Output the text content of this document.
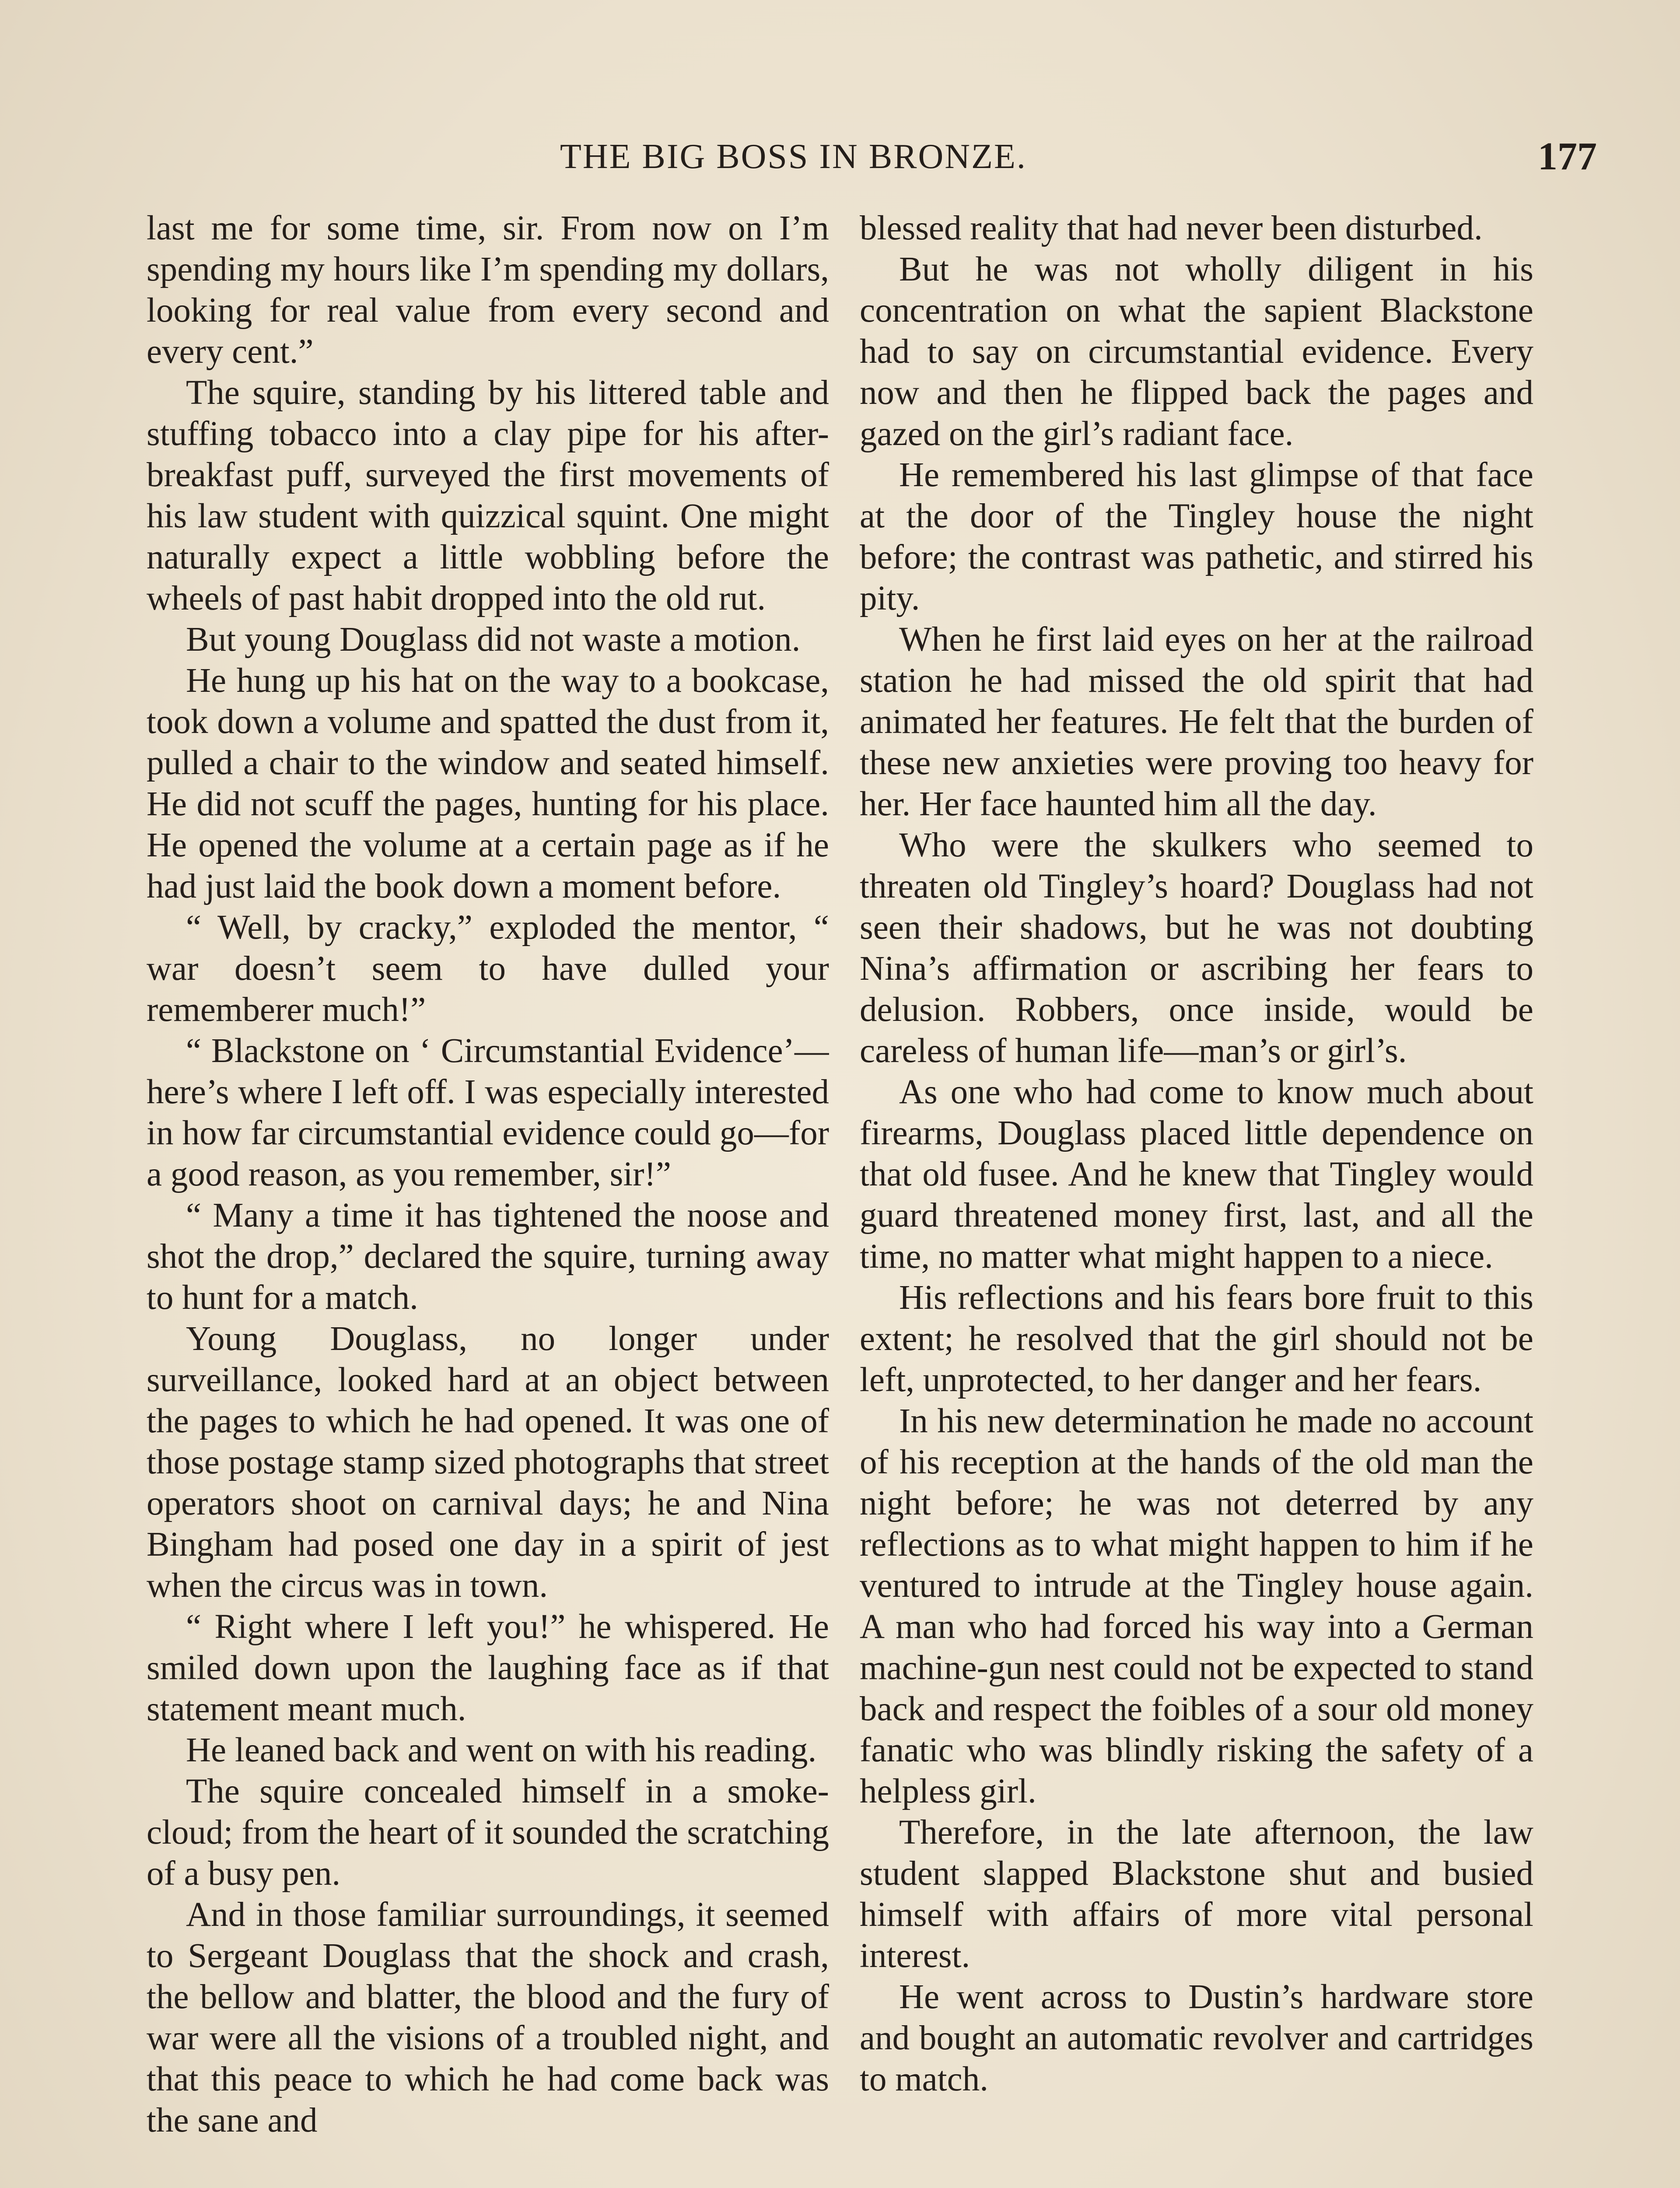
THE BIG BOSS IN BRONZE.	177

last me for some time, sir. From now on I’m spending my hours like I’m spending my dollars, looking for real value from every second and every cent.”

The squire, standing by his littered table and stuffing tobacco into a clay pipe for his after-breakfast puff, surveyed the first movements of his law student with quizzical squint. One might naturally expect a little wobbling before the wheels of past habit dropped into the old rut.

But young Douglass did not waste a motion.

He hung up his hat on the way to a bookcase, took down a volume and spatted the dust from it, pulled a chair to the window and seated himself. He did not scuff the pages, hunting for his place. He opened the volume at a certain page as if he had just laid the book down a moment before.

“ Well, by cracky,” exploded the mentor, “ war doesn’t seem to have dulled your rememberer much!”

“ Blackstone on ‘ Circumstantial Evidence’—here’s where I left off. I was especially interested in how far circumstantial evidence could go—for a good reason, as you remember, sir!”

“ Many a time it has tightened the noose and shot the drop,” declared the squire, turning away to hunt for a match.

Young Douglass, no longer under surveillance, looked hard at an object between the pages to which he had opened. It was one of those postage stamp sized photographs that street operators shoot on carnival days; he and Nina Bingham had posed one day in a spirit of jest when the circus was in town.

“ Right where I left you!” he whispered. He smiled down upon the laughing face as if that statement meant much.

He leaned back and went on with his reading.

The squire concealed himself in a smoke-cloud; from the heart of it sounded the scratching of a busy pen.

And in those familiar surroundings, it seemed to Sergeant Douglass that the shock and crash, the bellow and blatter, the blood and the fury of war were all the visions of a troubled night, and that this peace to which he had come back was the sane and

blessed reality that had never been disturbed.

But he was not wholly diligent in his concentration on what the sapient Blackstone had to say on circumstantial evidence. Every now and then he flipped back the pages and gazed on the girl’s radiant face.

He remembered his last glimpse of that face at the door of the Tingley house the night before; the contrast was pathetic, and stirred his pity.

When he first laid eyes on her at the railroad station he had missed the old spirit that had animated her features. He felt that the burden of these new anxieties were proving too heavy for her. Her face haunted him all the day.

Who were the skulkers who seemed to threaten old Tingley’s hoard? Douglass had not seen their shadows, but he was not doubting Nina’s affirmation or ascribing her fears to delusion. Robbers, once inside, would be careless of human life—man’s or girl’s.

As one who had come to know much about firearms, Douglass placed little dependence on that old fusee. And he knew that Tingley would guard threatened money first, last, and all the time, no matter what might happen to a niece.

His reflections and his fears bore fruit to this extent; he resolved that the girl should not be left, unprotected, to her danger and her fears.

In his new determination he made no account of his reception at the hands of the old man the night before; he was not deterred by any reflections as to what might happen to him if he ventured to intrude at the Tingley house again. A man who had forced his way into a German machine-gun nest could not be expected to stand back and respect the foibles of a sour old money fanatic who was blindly risking the safety of a helpless girl.

Therefore, in the late afternoon, the law student slapped Blackstone shut and busied himself with affairs of more vital personal interest.

He went across to Dustin’s hardware store and bought an automatic revolver and cartridges to match.
